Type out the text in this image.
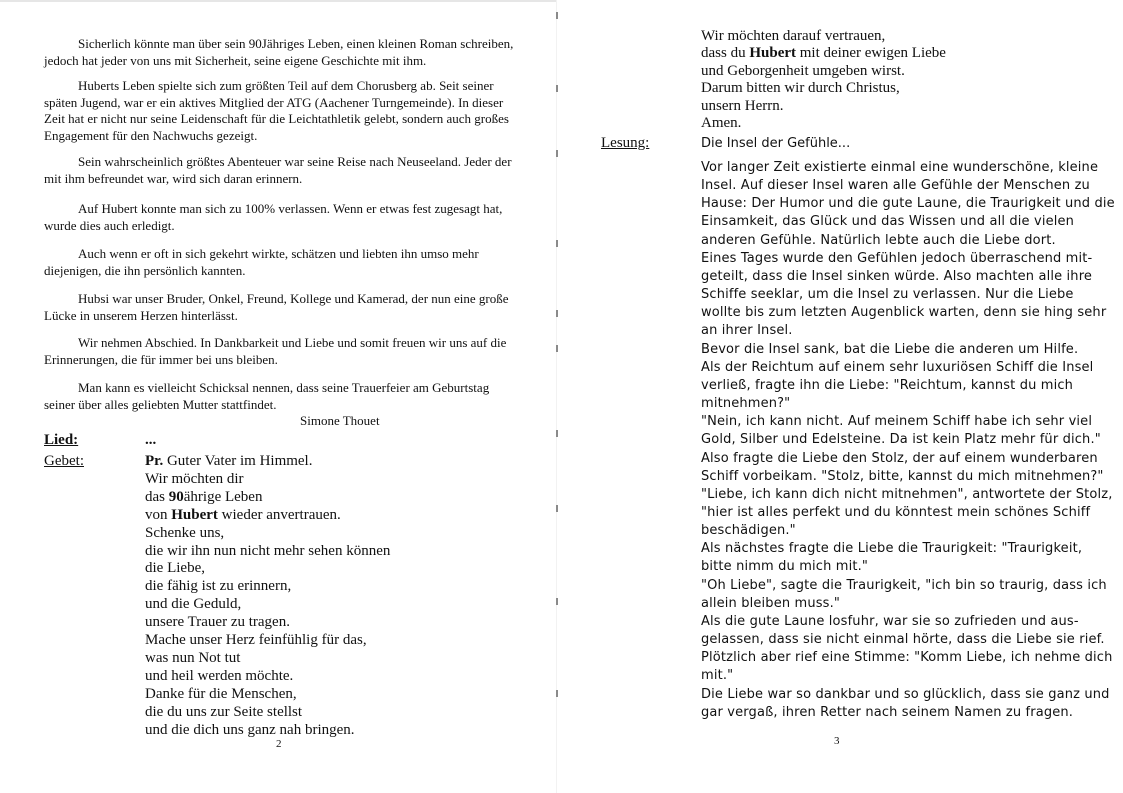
Sicherlich könnte man über sein 90Jähriges Leben, einen kleinen Roman schreiben,
jedoch hat jeder von uns mit Sicherheit, seine eigene Geschichte mit ihm.
Huberts Leben spielte sich zum größten Teil auf dem Chorusberg ab. Seit seiner
späten Jugend, war er ein aktives Mitglied der ATG (Aachener Turngemeinde). In dieser
Zeit hat er nicht nur seine Leidenschaft für die Leichtathletik gelebt, sondern auch großes
Engagement für den Nachwuchs gezeigt.
Sein wahrscheinlich größtes Abenteuer war seine Reise nach Neuseeland. Jeder der
mit ihm befreundet war, wird sich daran erinnern.
Auf Hubert konnte man sich zu 100% verlassen. Wenn er etwas fest zugesagt hat,
wurde dies auch erledigt.
Auch wenn er oft in sich gekehrt wirkte, schätzen und liebten ihn umso mehr
diejenigen, die ihn persönlich kannten.
Hubsi war unser Bruder, Onkel, Freund, Kollege und Kamerad, der nun eine große
Lücke in unserem Herzen hinterlässt.
Wir nehmen Abschied. In Dankbarkeit und Liebe und somit freuen wir uns auf die
Erinnerungen, die für immer bei uns bleiben.
Man kann es vielleicht Schicksal nennen, dass seine Trauerfeier am Geburtstag
seiner über alles geliebten Mutter stattfindet.
Simone Thouet
Lied:	...
Gebet:	Pr. Guter Vater im Himmel.
Wir möchten dir
das 90ährige Leben
von Hubert wieder anvertrauen.
Schenke uns,
die wir ihn nun nicht mehr sehen können
die Liebe,
die fähig ist zu erinnern,
und die Geduld,
unsere Trauer zu tragen.
Mache unser Herz feinfühlig für das,
was nun Not tut
und heil werden möchte.
Danke für die Menschen,
die du uns zur Seite stellst
und die dich uns ganz nah bringen.
2
Wir möchten darauf vertrauen,
dass du Hubert mit deiner ewigen Liebe
und Geborgenheit umgeben wirst.
Darum bitten wir durch Christus,
unsern Herrn.
Amen.
Lesung:	Die Insel der Gefühle...
Vor langer Zeit existierte einmal eine wunderschöne, kleine
Insel. Auf dieser Insel waren alle Gefühle der Menschen zu
Hause: Der Humor und die gute Laune, die Traurigkeit und die
Einsamkeit, das Glück und das Wissen und all die vielen
anderen Gefühle. Natürlich lebte auch die Liebe dort.
Eines Tages wurde den Gefühlen jedoch überraschend mit-
geteilt, dass die Insel sinken würde. Also machten alle ihre
Schiffe seeklar, um die Insel zu verlassen. Nur die Liebe
wollte bis zum letzten Augenblick warten, denn sie hing sehr
an ihrer Insel.
Bevor die Insel sank, bat die Liebe die anderen um Hilfe.
Als der Reichtum auf einem sehr luxuriösen Schiff die Insel
verließ, fragte ihn die Liebe: "Reichtum, kannst du mich
mitnehmen?"
"Nein, ich kann nicht. Auf meinem Schiff habe ich sehr viel
Gold, Silber und Edelsteine. Da ist kein Platz mehr für dich."
Also fragte die Liebe den Stolz, der auf einem wunderbaren
Schiff vorbeikam. "Stolz, bitte, kannst du mich mitnehmen?"
"Liebe, ich kann dich nicht mitnehmen", antwortete der Stolz,
"hier ist alles perfekt und du könntest mein schönes Schiff
beschädigen."
Als nächstes fragte die Liebe die Traurigkeit: "Traurigkeit,
bitte nimm du mich mit."
"Oh Liebe", sagte die Traurigkeit, "ich bin so traurig, dass ich
allein bleiben muss."
Als die gute Laune losfuhr, war sie so zufrieden und aus-
gelassen, dass sie nicht einmal hörte, dass die Liebe sie rief.
Plötzlich aber rief eine Stimme: "Komm Liebe, ich nehme dich
mit."
Die Liebe war so dankbar und so glücklich, dass sie ganz und
gar vergaß, ihren Retter nach seinem Namen zu fragen.
3
